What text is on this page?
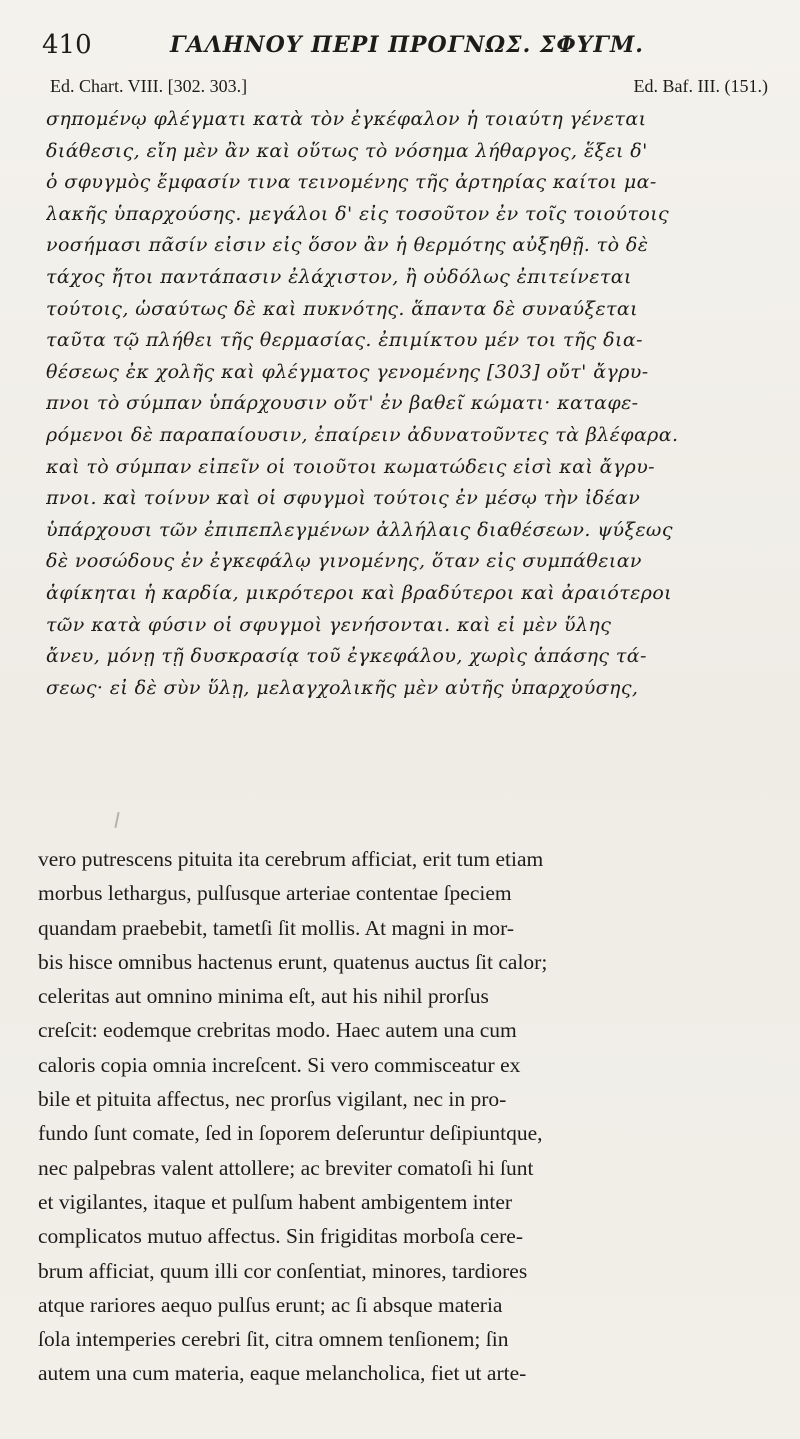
410	ΓΑΛΗΝΟΥ ΠΕΡΙ ΠΡΟΓΝΩΣ. ΣΦΥΓΜ.
Ed. Chart. VIII. [302. 303.]	Ed. Baf. III. (151.)
σηπομένῳ φλέγματι κατὰ τὸν ἐγκέφαλον ἡ τοιαύτη γένεται
διάθεσις, εἴη μὲν ἂν καὶ οὕτως τὸ νόσημα λήθαργος, ἕξει δ'
ὁ σφυγμὸς ἔμφασίν τινα τεινομένης τῆς ἀρτηρίας καίτοι μα-
λακῆς ὑπαρχούσης. μεγάλοι δ' εἰς τοσοῦτον ἐν τοῖς τοιούτοις
νοσήμασι πᾶσίν εἰσιν εἰς ὅσον ἂν ἡ θερμότης αὐξηθῇ. τὸ δὲ
τάχος ἤτοι παντάπασιν ἐλάχιστον, ἢ οὐδόλως ἐπιτείνεται
τούτοις, ὡσαύτως δὲ καὶ πυκνότης. ἅπαντα δὲ συναύξεται
ταῦτα τῷ πλήθει τῆς θερμασίας. ἐπιμίκτου μέν τοι τῆς δια-
θέσεως ἐκ χολῆς καὶ φλέγματος γενομένης [303] οὔτ' ἄγρυ-
πνοι τὸ σύμπαν ὑπάρχουσιν οὔτ' ἐν βαθεῖ κώματι· καταφε-
ρόμενοι δὲ παραπαίουσιν, ἐπαίρειν ἀδυνατοῦντες τὰ βλέφαρα.
καὶ τὸ σύμπαν εἰπεῖν οἱ τοιοῦτοι κωματώδεις εἰσὶ καὶ ἄγρυ-
πνοι. καὶ τοίνυν καὶ οἱ σφυγμοὶ τούτοις ἐν μέσῳ τὴν ἰδέαν
ὑπάρχουσι τῶν ἐπιπεπλεγμένων ἀλλήλαις διαθέσεων. ψύξεως
δὲ νοσώδους ἐν ἐγκεφάλῳ γινομένης, ὅταν εἰς συμπάθειαν
ἀφίκηται ἡ καρδία, μικρότεροι καὶ βραδύτεροι καὶ ἀραιότεροι
τῶν κατὰ φύσιν οἱ σφυγμοὶ γενήσονται. καὶ εἰ μὲν ὕλης
ἄνευ, μόνῃ τῇ δυσκρασίᾳ τοῦ ἐγκεφάλου, χωρὶς ἁπάσης τά-
σεως· εἰ δὲ σὺν ὕλῃ, μελαγχολικῆς μὲν αὐτῆς ὑπαρχούσης,
vero putrescens pituita ita cerebrum afficiat, erit tum etiam
morbus lethargus, pulſusque arteriae contentae ſpeciem
quandam praebebit, tametſi ſit mollis. At magni in mor-
bis hisce omnibus hactenus erunt, quatenus auctus ſit calor;
celeritas aut omnino minima eſt, aut his nihil prorſus
creſcit: eodemque crebritas modo. Haec autem una cum
caloris copia omnia increſcent. Si vero commisceatur ex
bile et pituita affectus, nec prorſus vigilant, nec in pro-
fundo ſunt comate, ſed in ſoporem deſeruntur deſipiuntque,
nec palpebras valent attollere; ac breviter comatoſi hi ſunt
et vigilantes, itaque et pulſum habent ambigentem inter
complicatos mutuo affectus. Sin frigiditas morboſa cere-
brum afficiat, quum illi cor conſentiat, minores, tardiores
atque rariores aequo pulſus erunt; ac ſi absque materia
ſola intemperies cerebri ſit, citra omnem tenſionem; ſin
autem una cum materia, eaque melancholica, fiet ut arte-
